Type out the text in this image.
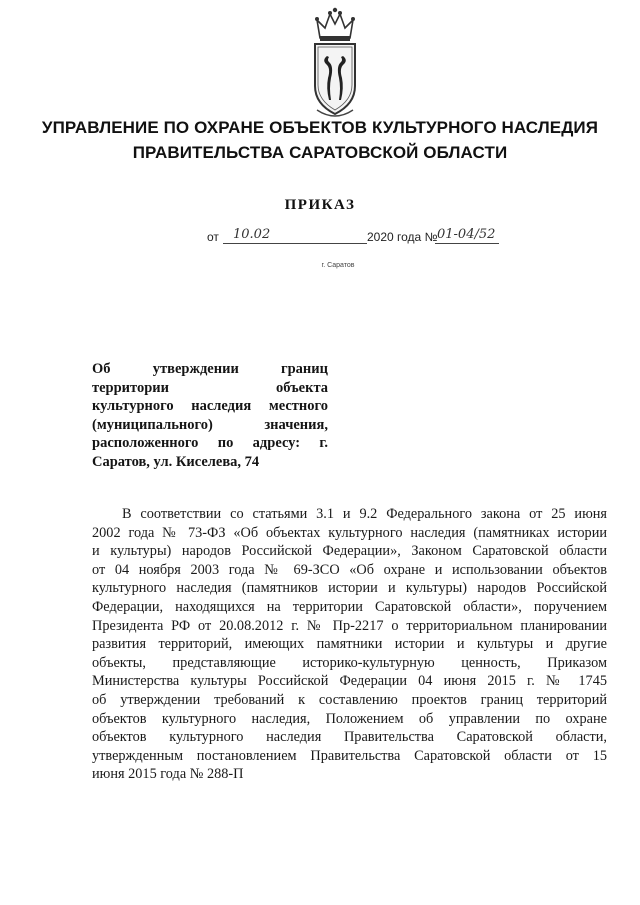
УПРАВЛЕНИЕ ПО ОХРАНЕ ОБЪЕКТОВ КУЛЬТУРНОГО НАСЛЕДИЯ
ПРАВИТЕЛЬСТВА САРАТОВСКОЙ ОБЛАСТИ
ПРИКАЗ
от 10.02	2020 года № 01-04/52
г. Саратов
Об утверждении границ
территории объекта
культурного наследия местного
(муниципального) значения,
расположенного по адресу: г.
Саратов, ул. Киселева, 74
В соответствии со статьями 3.1 и 9.2 Федерального закона от 25 июня
2002 года № 73-ФЗ «Об объектах культурного наследия (памятниках истории
и культуры) народов Российской Федерации», Законом Саратовской области
от 04 ноября 2003 года № 69-ЗСО «Об охране и использовании объектов
культурного наследия (памятников истории и культуры) народов Российской
Федерации, находящихся на территории Саратовской области», поручением
Президента РФ от 20.08.2012 г. № Пр-2217 о территориальном планировании
развития территорий, имеющих памятники истории и культуры и другие
объекты, представляющие историко-культурную ценность, Приказом
Министерства культуры Российской Федерации 04 июня 2015 г. № 1745
об утверждении требований к составлению проектов границ территорий
объектов культурного наследия, Положением об управлении по охране
объектов культурного наследия Правительства Саратовской области,
утвержденным постановлением Правительства Саратовской области от 15
июня 2015 года № 288-П
